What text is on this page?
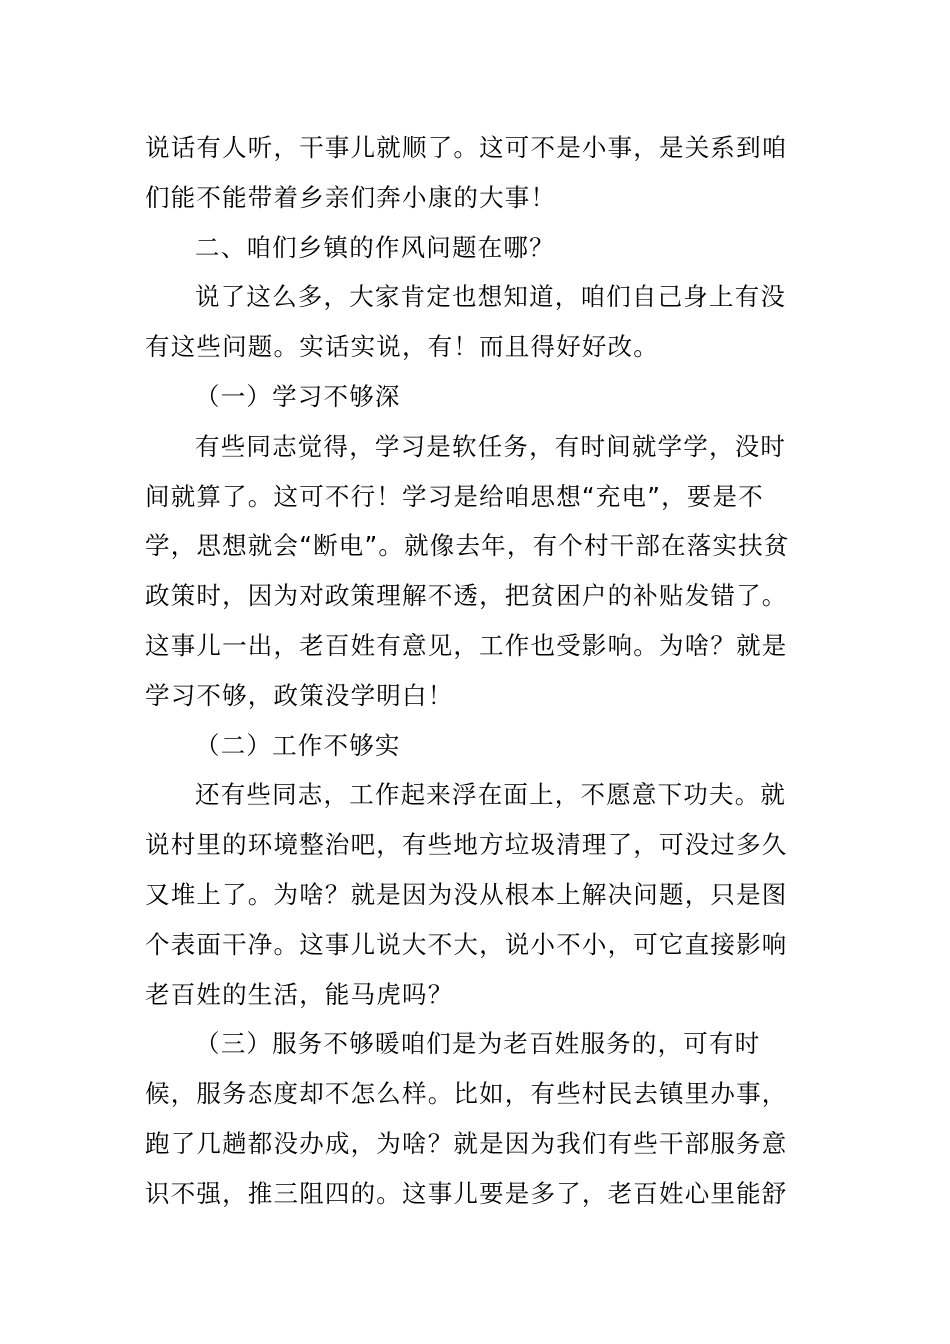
说话有人听，干事儿就顺了。这可不是小事，是关系到咱
们能不能带着乡亲们奔小康的大事！
二、咱们乡镇的作风问题在哪？
说了这么多，大家肯定也想知道，咱们自己身上有没
有这些问题。实话实说，有！而且得好好改。
（一）学习不够深
有些同志觉得，学习是软任务，有时间就学学，没时
间就算了。这可不行！学习是给咱思想“充电”，要是不
学，思想就会“断电”。就像去年，有个村干部在落实扶贫
政策时，因为对政策理解不透，把贫困户的补贴发错了。
这事儿一出，老百姓有意见，工作也受影响。为啥？就是
学习不够，政策没学明白！
（二）工作不够实
还有些同志，工作起来浮在面上，不愿意下功夫。就
说村里的环境整治吧，有些地方垃圾清理了，可没过多久
又堆上了。为啥？就是因为没从根本上解决问题，只是图
个表面干净。这事儿说大不大，说小不小，可它直接影响
老百姓的生活，能马虎吗？
（三）服务不够暖咱们是为老百姓服务的，可有时
候，服务态度却不怎么样。比如，有些村民去镇里办事，
跑了几趟都没办成，为啥？就是因为我们有些干部服务意
识不强，推三阻四的。这事儿要是多了，老百姓心里能舒
